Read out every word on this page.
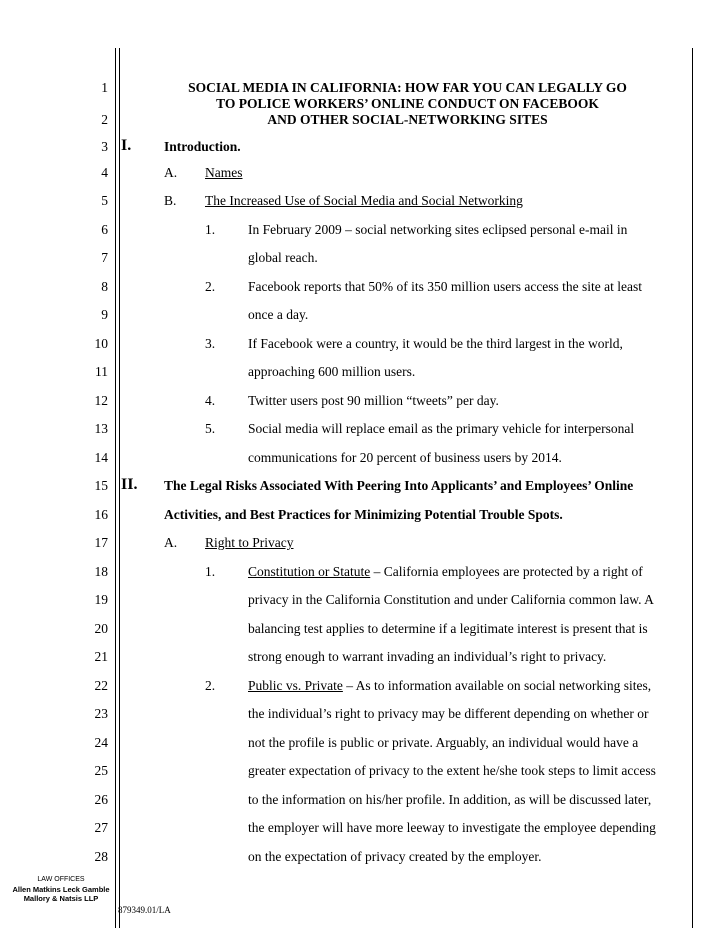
1
2
3
4
5
6
7
8
9
10
11
12
13
14
15
16
17
18
19
20
21
22
23
24
25
26
27
28
SOCIAL MEDIA IN CALIFORNIA: HOW FAR YOU CAN LEGALLY GO
TO POLICE WORKERS’ ONLINE CONDUCT ON FACEBOOK
AND OTHER SOCIAL-NETWORKING SITES
I. Introduction.
A. Names
B. The Increased Use of Social Media and Social Networking
1. In February 2009 – social networking sites eclipsed personal e-mail in
global reach.
2. Facebook reports that 50% of its 350 million users access the site at least
once a day.
3. If Facebook were a country, it would be the third largest in the world,
approaching 600 million users.
4. Twitter users post 90 million “tweets” per day.
5. Social media will replace email as the primary vehicle for interpersonal
communications for 20 percent of business users by 2014.
II. The Legal Risks Associated With Peering Into Applicants’ and Employees’ Online
Activities, and Best Practices for Minimizing Potential Trouble Spots.
A. Right to Privacy
1. Constitution or Statute – California employees are protected by a right of
privacy in the California Constitution and under California common law. A
balancing test applies to determine if a legitimate interest is present that is
strong enough to warrant invading an individual’s right to privacy.
2. Public vs. Private – As to information available on social networking sites,
the individual’s right to privacy may be different depending on whether or
not the profile is public or private. Arguably, an individual would have a
greater expectation of privacy to the extent he/she took steps to limit access
to the information on his/her profile. In addition, as will be discussed later,
the employer will have more leeway to investigate the employee depending
on the expectation of privacy created by the employer.
LAW OFFICES
Allen Matkins Leck Gamble
Mallory & Natsis LLP
879349.01/LA
